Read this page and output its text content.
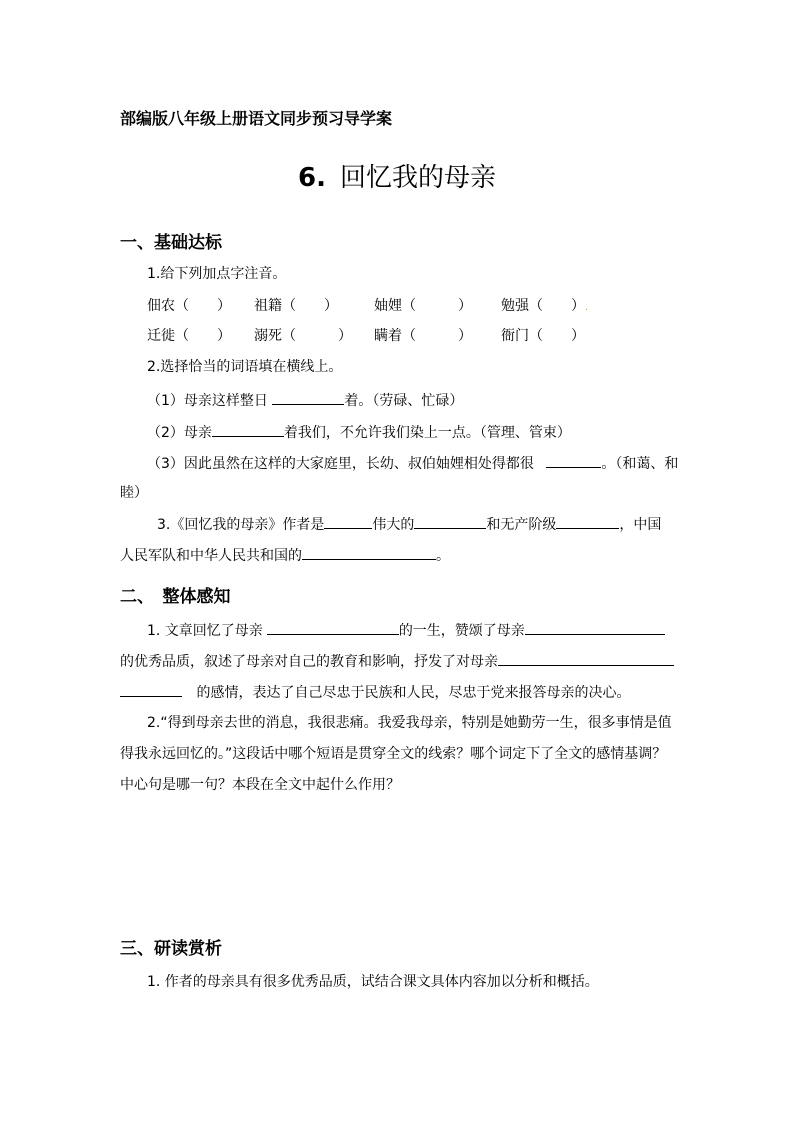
部编版八年级上册语文同步预习导学案
6. 回忆我的母亲
一、基础达标
1.给下列加点字注音。
佃农（　　） 祖籍（　　）	妯娌（　　　） 勉强（　　）.
迁徙（　　） 溺死（　　　） 瞒着（　　　） 衙门（　　）
2.选择恰当的词语填在横线上。
（1）母亲这样整日	着。（劳碌、忙碌）
（2）母亲	着我们，不允许我们染上一点。（管理、管束）
（3）因此虽然在这样的大家庭里，长幼、叔伯妯娌相处得都很	。（和蔼、和
睦）
3.《回忆我的母亲》作者是	伟大的	和无产阶级	，中国
人民军队和中华人民共和国的	。
二、　整体感知
1. 文章回忆了母亲	的一生，赞颂了母亲
的优秀品质，叙述了母亲对自己的教育和影响，抒发了对母亲
的感情，表达了自己尽忠于民族和人民，尽忠于党来报答母亲的决心。
2.“得到母亲去世的消息，我很悲痛。我爱我母亲，特别是她勤劳一生，很多事情是值
得我永远回忆的。”这段话中哪个短语是贯穿全文的线索？哪个词定下了全文的感情基调？
中心句是哪一句？本段在全文中起什么作用？
三、研读赏析
1. 作者的母亲具有很多优秀品质，试结合课文具体内容加以分析和概括。
